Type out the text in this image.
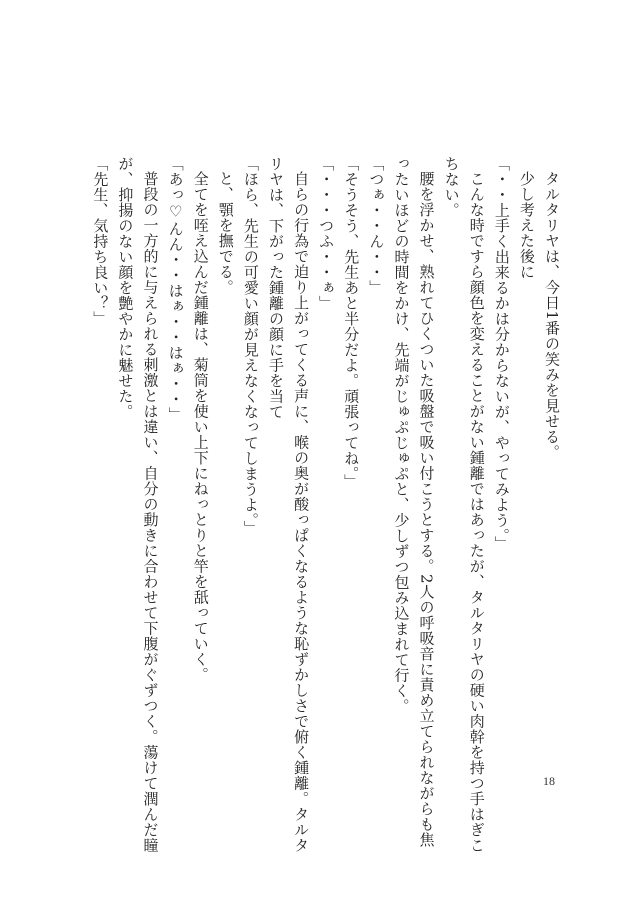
タルタリヤは、今日1番の笑みを見せる。

少し考えた後に

「・・上手く出来るかは分からないが、やってみよう。」

こんな時ですら顔色を変えることがない鍾離ではあったが、タルタリヤの硬い肉幹を持つ手はぎこ

ちない。

腰を浮かせ、熟れてひくついた吸盤で吸い付こうとする。2人の呼吸音に責め立てられながらも焦

ったいほどの時間をかけ、先端がじゅぷじゅぷと、少しずつ包み込まれて行く。

「つぁ・・ん・・」

「そうそう、先生あと半分だよ。頑張ってね。」

「・・・つふ・・ぁ」

自らの行為で迫り上がってくる声に、喉の奥が酸っぱくなるような恥ずかしさで俯く鍾離。タルタ

リヤは、下がった鍾離の顔に手を当て

「ほら、先生の可愛い顔が見えなくなってしまうよ。」

と、顎を撫でる。

全てを咥え込んだ鍾離は、菊筒を使い上下にねっとりと竿を舐っていく。

「あっ♡んん・・はぁ・・はぁ・・」

普段の一方的に与えられる刺激とは違い、自分の動きに合わせて下腹がぐずつく。蕩けて潤んだ瞳

が、抑揚のない顔を艶やかに魅せた。

「先生、気持ち良い？」

18
